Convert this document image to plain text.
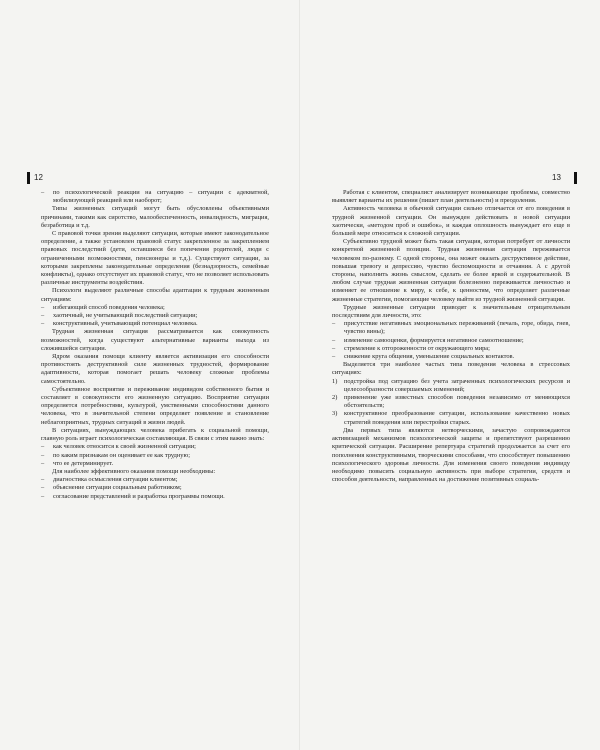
12
–	по психологической реакции на ситуацию – ситуации с адекватной, мобилизующей реакцией или наоборот;

Типы жизненных ситуаций могут быть обусловлены объективными причинами, такими как сиротство, малообеспеченность, инвалидность, миграция, безработица и т.д.

С правовой точки зрения выделяют ситуации, которые имеют законодательное определение, а также установлен правовой статус закрепленное за закреплением правовых последствий (дети, оставшиеся без попечения родителей, люди с ограниченными возможностями, пенсионеры и т.д.). Существуют ситуации, за которыми закреплены законодательные определения (безнадзорность, семейные конфликты), однако отсутствует их правовой статус, что не позволяет использовать различные инструменты воздействия.

Психологи выделяют различные способы адаптации к трудным жизненным ситуациям:

–	избегающий способ поведения человека;
–	хаотичный, не учитывающий последствий ситуации;
–	конструктивный, учитывающий потенциал человека.

Трудная жизненная ситуация рассматривается как совокупность возможностей, когда существуют альтернативные варианты выхода из сложившейся ситуации.

Ядром оказания помощи клиенту является активизация его способности противостоять деструктивной силе жизненных трудностей, формирование адаптивности, которая помогает решать человеку сложные проблемы самостоятельно.

Субъективное восприятие и переживание индивидом собственного бытия и составляет в совокупности его жизненную ситуацию. Восприятие ситуации определяется потребностями, культурой, умственными способностями данного человека, что в значительной степени определяет появление и становление неблагоприятных, трудных ситуаций в жизни людей.

В ситуациях, вынуждающих человека прибегать к социальной помощи, главную роль играет психологическая составляющая. В связи с этим важно знать:

–	как человек относится к своей жизненной ситуации;
–	по каким признакам он оценивает ее как трудную;
–	что ее детерминирует.

Для наиболее эффективного оказания помощи необходимы:

–	диагностика осмысления ситуации клиентом;
–	объяснение ситуации социальным работником;
–	согласование представлений и разработка программы помощи.
13

Работая с клиентом, специалист анализирует возникающие проблемы, совместно выявляет варианты их решения (пишет план деятельности) и преодоления.

Активность человека в обычной ситуации сильно отличается от его поведения в трудной жизненной ситуации. Он вынужден действовать в новой ситуации хаотически, «методом проб и ошибок», и каждая оплошность вынуждает его еще в большей мере относиться к сложной ситуации.

Субъективно трудной может быть такая ситуация, которая потребует от личности конкретной жизненной позиции. Трудная жизненная ситуация переживается человеком по-разному. С одной стороны, она может оказать деструктивное действие, повышая тревогу и депрессию, чувство беспомощности и отчаяния. А с другой стороны, наполнить жизнь смыслом, сделать ее более яркой и содержательной. В любом случае трудная жизненная ситуация болезненно переживается личностью и изменяет ее отношение к миру, к себе, к ценностям, что определяет различные жизненные стратегии, помогающие человеку выйти из трудной жизненной ситуации.

Трудные жизненные ситуации приводят к значительным отрицательным последствиям для личности, это:

–	присутствие негативных эмоциональных переживаний (печаль, горе, обида, гнев, чувство вины);
–	изменение самооценки, формируется негативное самоотношение;
–	стремление к отгороженности от окружающего мира;
–	снижение круга общения, уменьшение социальных контактов.

Выделяется три наиболее частых типа поведения человека в стрессовых ситуациях:

1)	подстройка под ситуацию без учета затраченных психологических ресурсов и целесообразности совершаемых изменений;
2)	применение уже известных способов поведения независимо от меняющихся обстоятельств;
3)	конструктивное преобразование ситуации, использование качественно новых стратегий поведения или перестройки старых.

Два первых типа являются нетворческими, зачастую сопровождаются активизацией механизмов психологической защиты и препятствуют разрешению критической ситуации. Расширение репертуара стратегий продолжается за счет его пополнения конструктивными, творческими способами, что способствует повышению психологического здоровья личности. Для изменения своего поведения индивиду необходимо повысить социальную активность при выборе стратегии, средств и способов деятельности, направленных на достижение позитивных социаль-
